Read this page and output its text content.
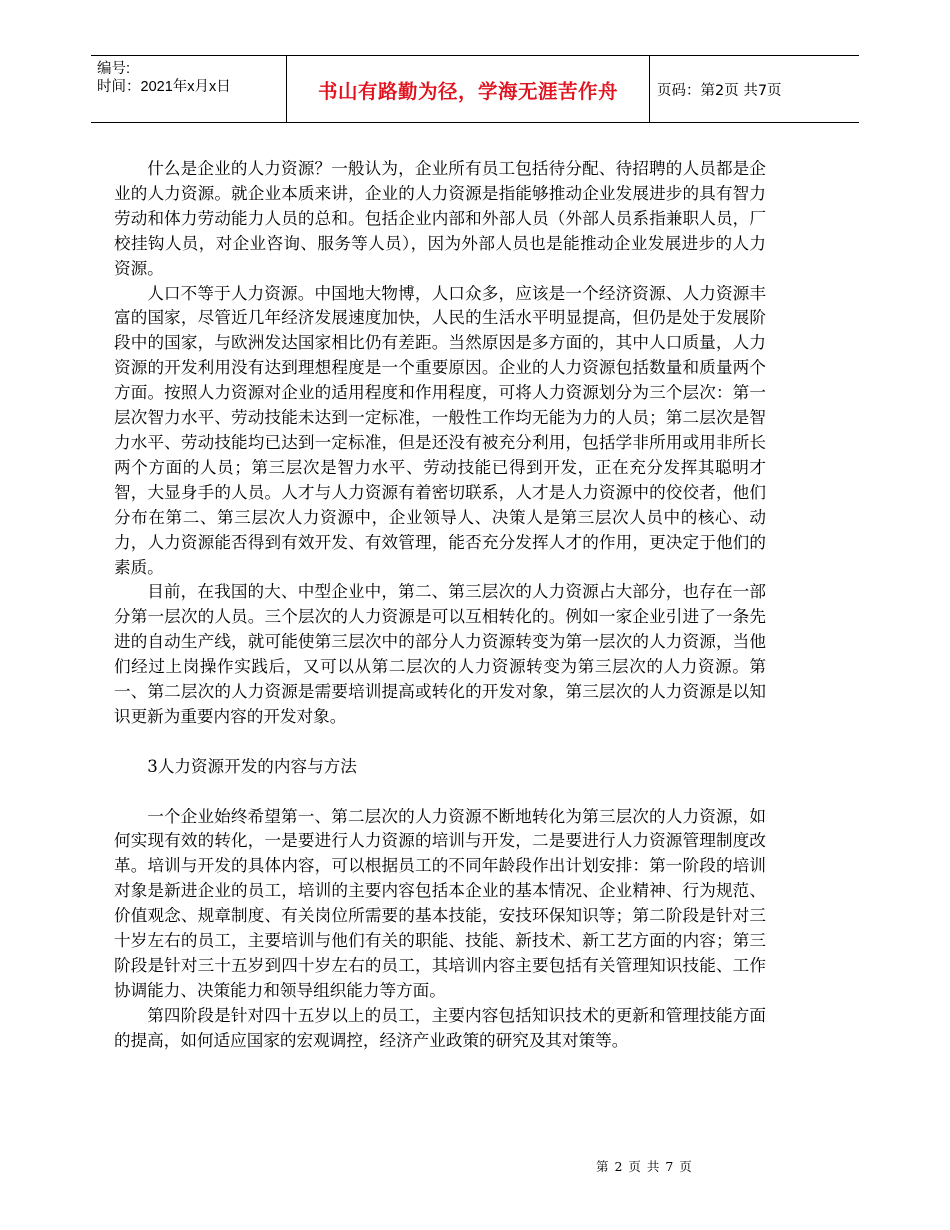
编号:
时间：2021年x月x日	书山有路勤为径，学海无涯苦作舟	页码：第2页 共7页

什么是企业的人力资源？一般认为，企业所有员工包括待分配、待招聘的人员都是企业的人力资源。就企业本质来讲，企业的人力资源是指能够推动企业发展进步的具有智力劳动和体力劳动能力人员的总和。包括企业内部和外部人员（外部人员系指兼职人员，厂校挂钩人员，对企业咨询、服务等人员），因为外部人员也是能推动企业发展进步的人力资源。

人口不等于人力资源。中国地大物博，人口众多，应该是一个经济资源、人力资源丰富的国家，尽管近几年经济发展速度加快，人民的生活水平明显提高，但仍是处于发展阶段中的国家，与欧洲发达国家相比仍有差距。当然原因是多方面的，其中人口质量，人力资源的开发利用没有达到理想程度是一个重要原因。企业的人力资源包括数量和质量两个方面。按照人力资源对企业的适用程度和作用程度，可将人力资源划分为三个层次：第一层次智力水平、劳动技能未达到一定标准，一般性工作均无能为力的人员；第二层次是智力水平、劳动技能均已达到一定标准，但是还没有被充分利用，包括学非所用或用非所长两个方面的人员；第三层次是智力水平、劳动技能已得到开发，正在充分发挥其聪明才智，大显身手的人员。人才与人力资源有着密切联系，人才是人力资源中的佼佼者，他们分布在第二、第三层次人力资源中，企业领导人、决策人是第三层次人员中的核心、动力，人力资源能否得到有效开发、有效管理，能否充分发挥人才的作用，更决定于他们的素质。

目前，在我国的大、中型企业中，第二、第三层次的人力资源占大部分，也存在一部分第一层次的人员。三个层次的人力资源是可以互相转化的。例如一家企业引进了一条先进的自动生产线，就可能使第三层次中的部分人力资源转变为第一层次的人力资源，当他们经过上岗操作实践后，又可以从第二层次的人力资源转变为第三层次的人力资源。第一、第二层次的人力资源是需要培训提高或转化的开发对象，第三层次的人力资源是以知识更新为重要内容的开发对象。

3人力资源开发的内容与方法

一个企业始终希望第一、第二层次的人力资源不断地转化为第三层次的人力资源，如何实现有效的转化，一是要进行人力资源的培训与开发，二是要进行人力资源管理制度改革。培训与开发的具体内容，可以根据员工的不同年龄段作出计划安排：第一阶段的培训对象是新进企业的员工，培训的主要内容包括本企业的基本情况、企业精神、行为规范、价值观念、规章制度、有关岗位所需要的基本技能，安技环保知识等；第二阶段是针对三十岁左右的员工，主要培训与他们有关的职能、技能、新技术、新工艺方面的内容；第三阶段是针对三十五岁到四十岁左右的员工，其培训内容主要包括有关管理知识技能、工作协调能力、决策能力和领导组织能力等方面。

第四阶段是针对四十五岁以上的员工，主要内容包括知识技术的更新和管理技能方面的提高，如何适应国家的宏观调控，经济产业政策的研究及其对策等。

第 2 页 共 7 页
